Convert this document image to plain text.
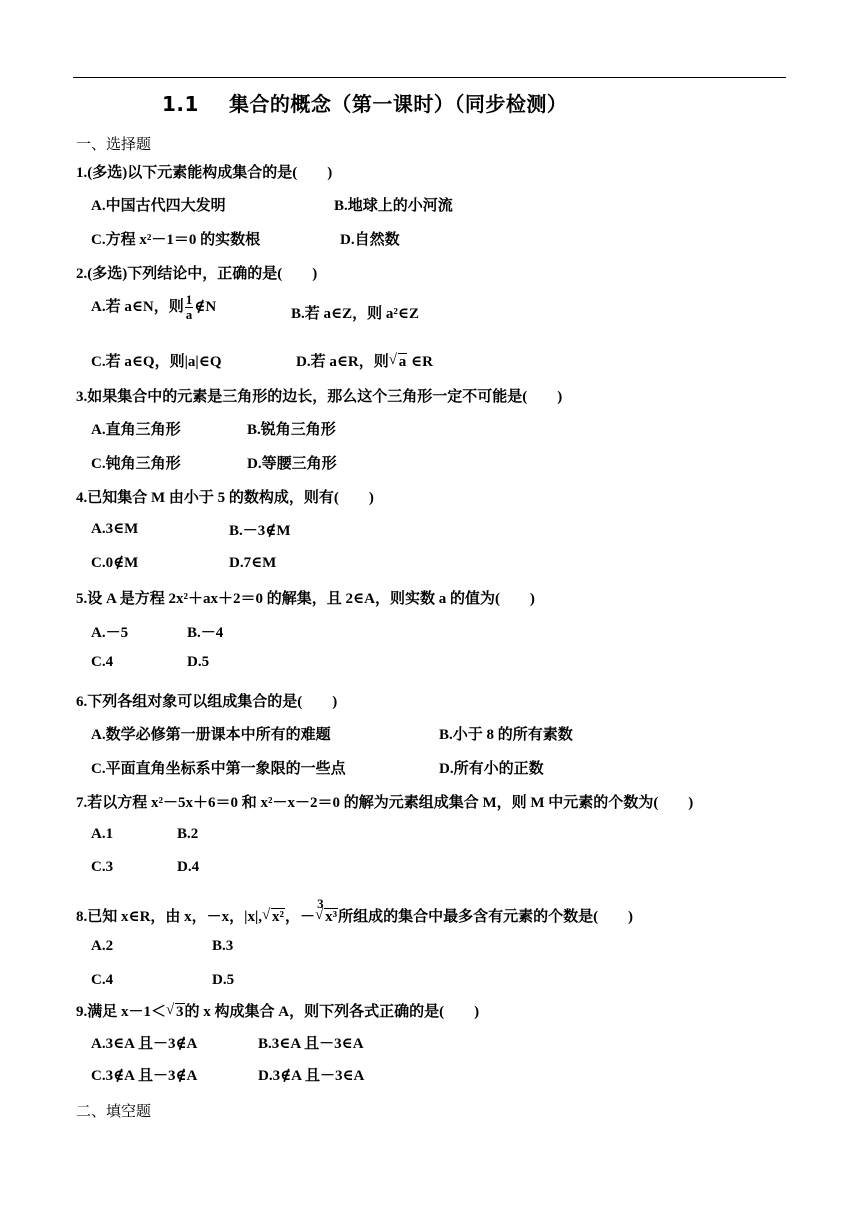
1.1 集合的概念（第一课时）（同步检测）
一、选择题
1.(多选)以下元素能构成集合的是(　　)
A.中国古代四大发明	B.地球上的小河流
C.方程 x²－1＝0 的实数根	D.自然数
2.(多选)下列结论中，正确的是(　　)
A.若 a∈N，则 $\frac{1}{a}$ ∉N	B.若 a∈Z，则 a²∈Z
C.若 a∈Q，则|a|∈Q	D.若 a∈R，则 √ a ∈R
3.如果集合中的元素是三角形的边长，那么这个三角形一定不可能是(　　)
A.直角三角形	B.锐角三角形
C.钝角三角形	D.等腰三角形
4.已知集合 M 由小于 5 的数构成，则有(　　)
A.3∈M	B.－3∉M
C.0∉M	D.7∈M
5.设 A 是方程 2x²＋ax＋2＝0 的解集，且 2∈A，则实数 a 的值为(　　)
A.－5	B.－4
C.4	D.5
6.下列各组对象可以组成集合的是(　　)
A.数学必修第一册课本中所有的难题	B.小于 8 的所有素数
C.平面直角坐标系中第一象限的一些点	D.所有小的正数
7.若以方程 x²－5x＋6＝0 和 x²－x－2＝0 的解为元素组成集合 M，则 M 中元素的个数为(　　)
A.1	B.2
C.3	D.4
8.已知 x∈R，由 x，－x，|x|, √ x²，－
3
√ x³所组成的集合中最多含有元素的个数是(　　)
A.2	B.3
C.4	D.5
9.满足 x－1＜ √ 3的 x 构成集合 A，则下列各式正确的是(　　)
A.3∈A 且－3∉A	B.3∈A 且－3∈A
C.3∉A 且－3∉A	D.3∉A 且－3∈A
二、填空题
